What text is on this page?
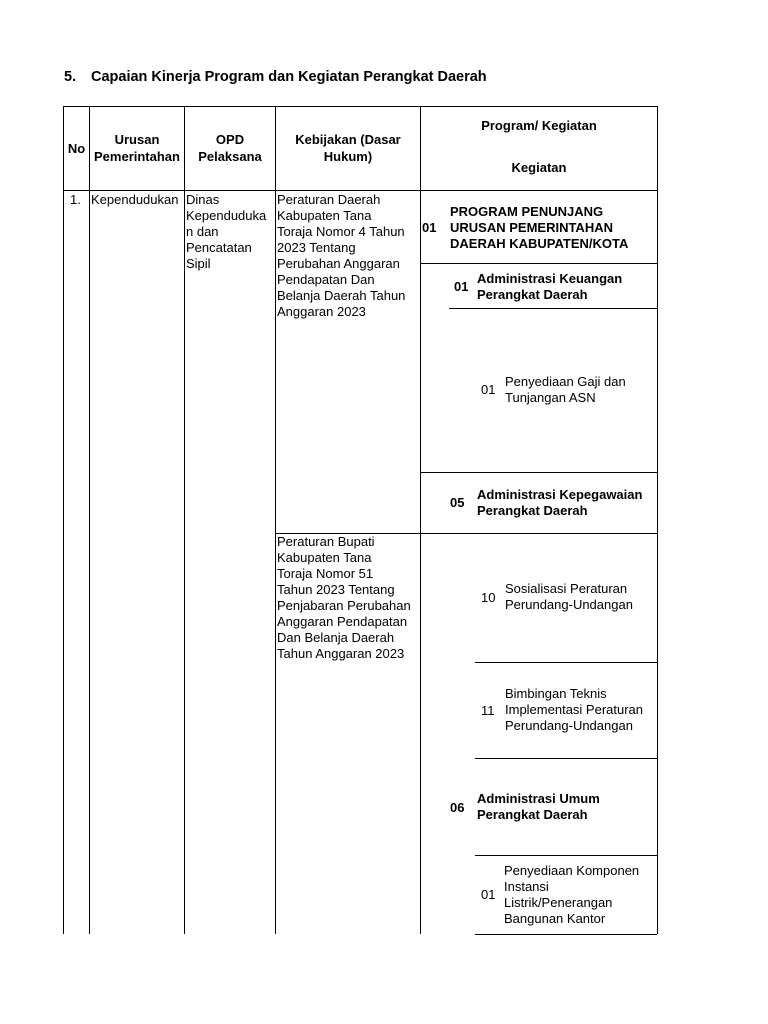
5. Capaian Kinerja Program dan Kegiatan Perangkat Daerah
No
Urusan Pemerintahan
OPD Pelaksana
Kebijakan (Dasar Hukum)
Program/ Kegiatan
Kegiatan
1. Kependudukan Dinas
Kependuduka
n dan
Pencatatan
Sipil
Peraturan Daerah
Kabupaten Tana
Toraja Nomor 4 Tahun
2023 Tentang
Perubahan Anggaran
Pendapatan Dan
Belanja Daerah Tahun
Anggaran 2023
Peraturan Bupati
Kabupaten Tana
Toraja Nomor 51
Tahun 2023 Tentang
Penjabaran Perubahan
Anggaran Pendapatan
Dan Belanja Daerah
Tahun Anggaran 2023
01
PROGRAM PENUNJANG
URUSAN PEMERINTAHAN
DAERAH KABUPATEN/KOTA
01
Administrasi Keuangan
Perangkat Daerah
01
Penyediaan Gaji dan
Tunjangan ASN
05
Administrasi Kepegawaian
Perangkat Daerah
10
Sosialisasi Peraturan
Perundang-Undangan
11
Bimbingan Teknis
Implementasi Peraturan
Perundang-Undangan
06
Administrasi Umum
Perangkat Daerah
01
Penyediaan Komponen
Instansi
Listrik/Penerangan
Bangunan Kantor
